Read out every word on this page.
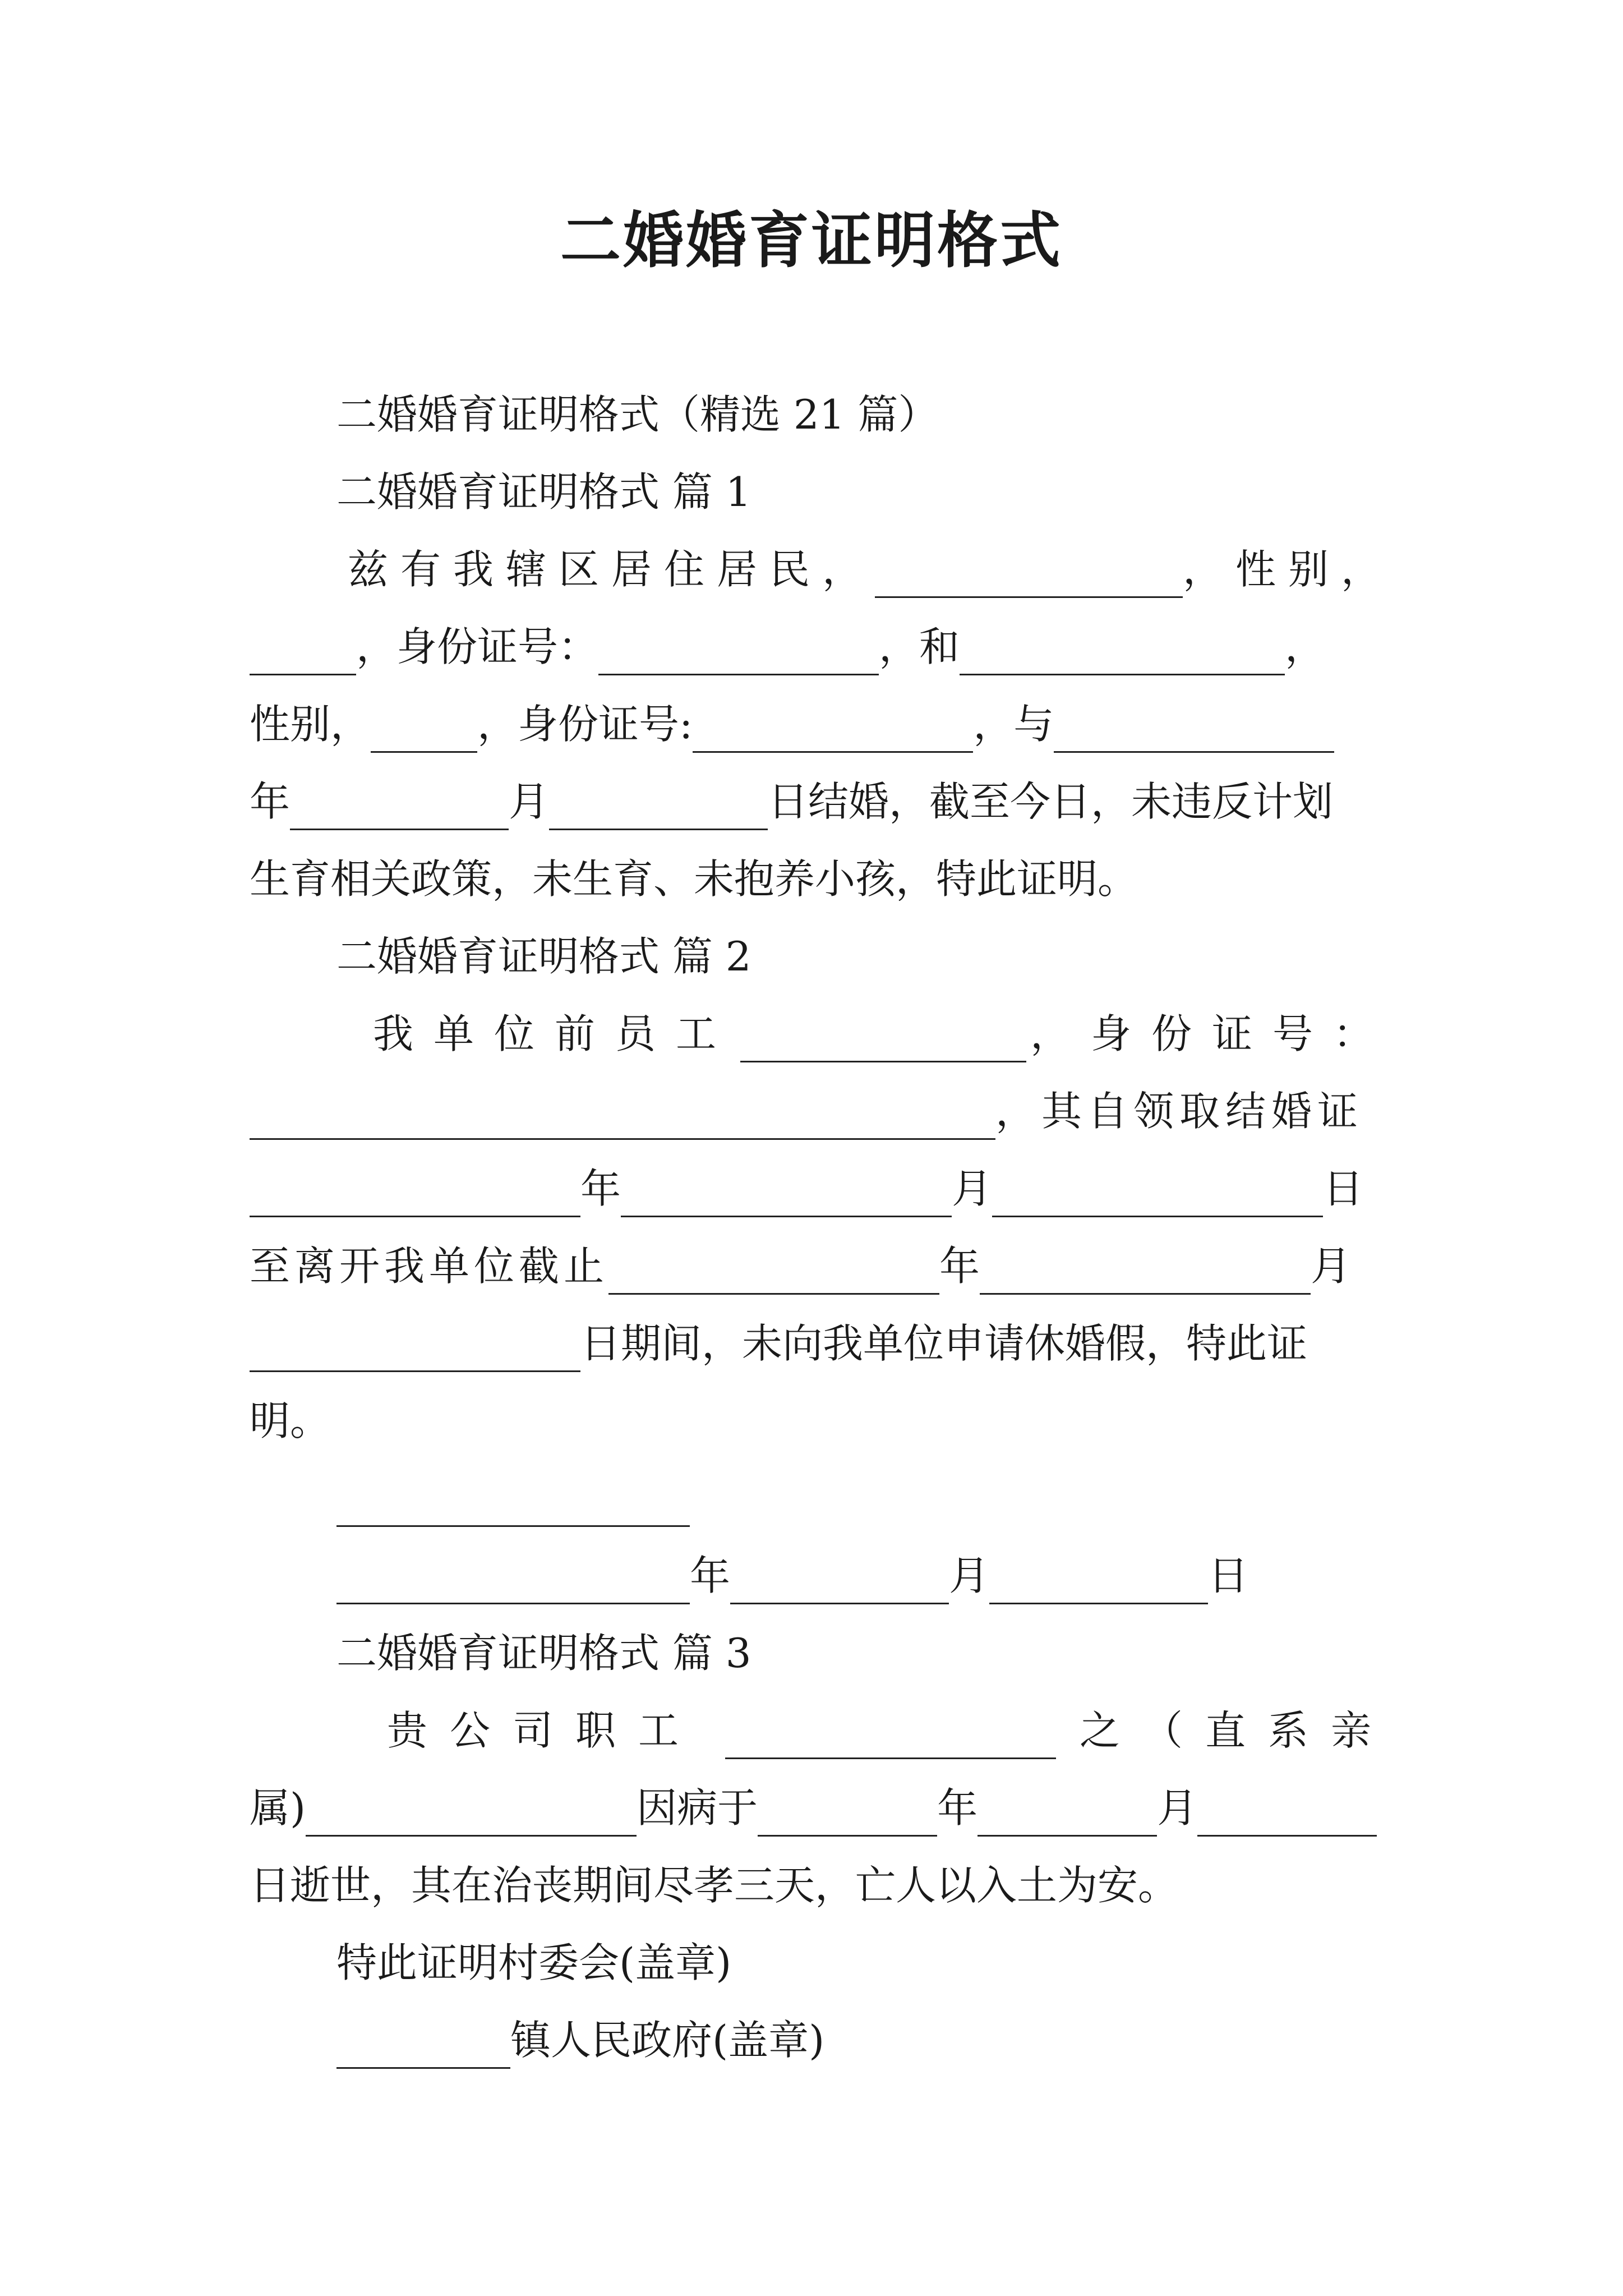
二婚婚育证明格式
二婚婚育证明格式（精选 21 篇）
二婚婚育证明格式 篇 1
兹有我辖区居住居民，	，性别，
，身份证号：	，和	，
性别，	，身份证号:	，与
年	月	日结婚，截至今日，未违反计划
生育相关政策，未生育、未抱养小孩，特此证明。
二婚婚育证明格式 篇 2
我单位前员工	，身份证号：
，其自领取结婚证
年	月	日
至离开我单位截止	年	月
日期间，未向我单位申请休婚假，特此证
明。
年	月	日
二婚婚育证明格式 篇 3
贵公司职工	之（直系亲
属)	因病于	年	月
日逝世，其在治丧期间尽孝三天，亡人以入土为安。
特此证明村委会(盖章)
镇人民政府(盖章)
